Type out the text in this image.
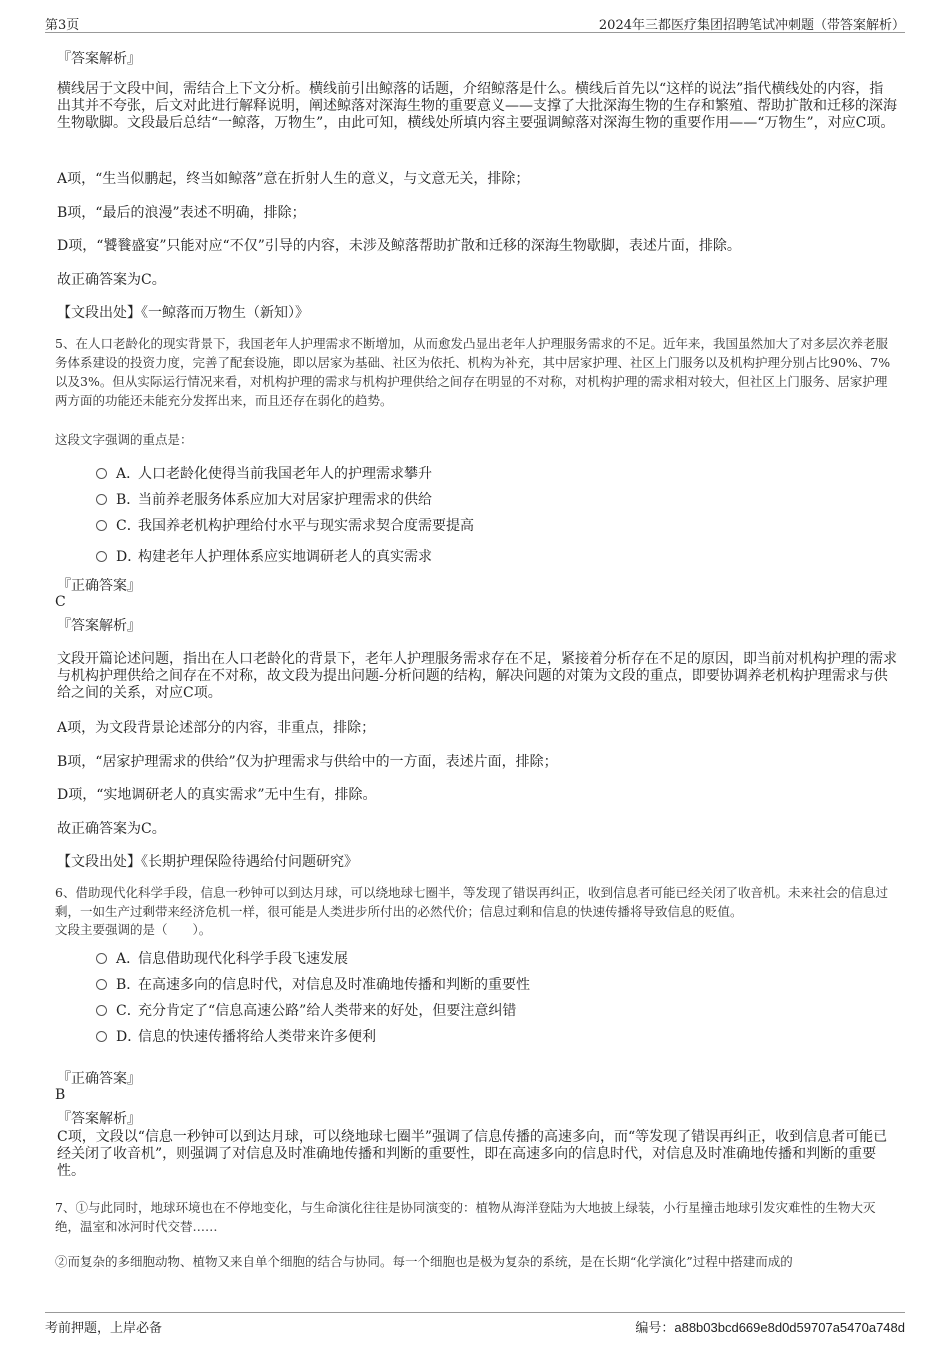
第3页	2024年三都医疗集团招聘笔试冲刺题（带答案解析）

『答案解析』

横线居于文段中间，需结合上下文分析。横线前引出鲸落的话题，介绍鲸落是什么。横线后首先以“这样的说法”指代横线处的内容，指出其并不夸张，后文对此进行解释说明，阐述鲸落对深海生物的重要意义——支撑了大批深海生物的生存和繁殖、帮助扩散和迁移的深海生物歇脚。文段最后总结“一鲸落，万物生”，由此可知，横线处所填内容主要强调鲸落对深海生物的重要作用——“万物生”，对应C项。

A项，“生当似鹏起，终当如鲸落”意在折射人生的意义，与文意无关，排除；

B项，“最后的浪漫”表述不明确，排除；

D项，“饕餮盛宴”只能对应“不仅”引导的内容，未涉及鲸落帮助扩散和迁移的深海生物歇脚，表述片面，排除。

故正确答案为C。

【文段出处】《一鲸落而万物生（新知）》

5、在人口老龄化的现实背景下，我国老年人护理需求不断增加，从而愈发凸显出老年人护理服务需求的不足。近年来，我国虽然加大了对多层次养老服务体系建设的投资力度，完善了配套设施，即以居家为基础、社区为依托、机构为补充，其中居家护理、社区上门服务以及机构护理分别占比90%、7%以及3%。但从实际运行情况来看，对机构护理的需求与机构护理供给之间存在明显的不对称，对机构护理的需求相对较大，但社区上门服务、居家护理两方面的功能还未能充分发挥出来，而且还存在弱化的趋势。

这段文字强调的重点是：

A．人口老龄化使得当前我国老年人的护理需求攀升
B．当前养老服务体系应加大对居家护理需求的供给
C．我国养老机构护理给付水平与现实需求契合度需要提高
D．构建老年人护理体系应实地调研老人的真实需求

『正确答案』

C

『答案解析』

文段开篇论述问题，指出在人口老龄化的背景下，老年人护理服务需求存在不足，紧接着分析存在不足的原因，即当前对机构护理的需求与机构护理供给之间存在不对称，故文段为提出问题-分析问题的结构，解决问题的对策为文段的重点，即要协调养老机构护理需求与供给之间的关系，对应C项。

A项，为文段背景论述部分的内容，非重点，排除；

B项，“居家护理需求的供给”仅为护理需求与供给中的一方面，表述片面，排除；

D项，“实地调研老人的真实需求”无中生有，排除。

故正确答案为C。

【文段出处】《长期护理保险待遇给付问题研究》

6、借助现代化科学手段，信息一秒钟可以到达月球，可以绕地球七圈半，等发现了错误再纠正，收到信息者可能已经关闭了收音机。未来社会的信息过剩，一如生产过剩带来经济危机一样，很可能是人类进步所付出的必然代价；信息过剩和信息的快速传播将导致信息的贬值。

文段主要强调的是（　　）。

A．信息借助现代化科学手段飞速发展
B．在高速多向的信息时代，对信息及时准确地传播和判断的重要性
C．充分肯定了“信息高速公路”给人类带来的好处，但要注意纠错
D．信息的快速传播将给人类带来许多便利

『正确答案』

B

『答案解析』

C项，文段以“信息一秒钟可以到达月球，可以绕地球七圈半”强调了信息传播的高速多向，而“等发现了错误再纠正，收到信息者可能已经关闭了收音机”，则强调了对信息及时准确地传播和判断的重要性，即在高速多向的信息时代，对信息及时准确地传播和判断的重要性。

7、①与此同时，地球环境也在不停地变化，与生命演化往往是协同演变的：植物从海洋登陆为大地披上绿装，小行星撞击地球引发灾难性的生物大灭绝，温室和冰河时代交替……

②而复杂的多细胞动物、植物又来自单个细胞的结合与协同。每一个细胞也是极为复杂的系统，是在长期“化学演化”过程中搭建而成的

考前押题，上岸必备	编号：a88b03bcd669e8d0d59707a5470a748d
